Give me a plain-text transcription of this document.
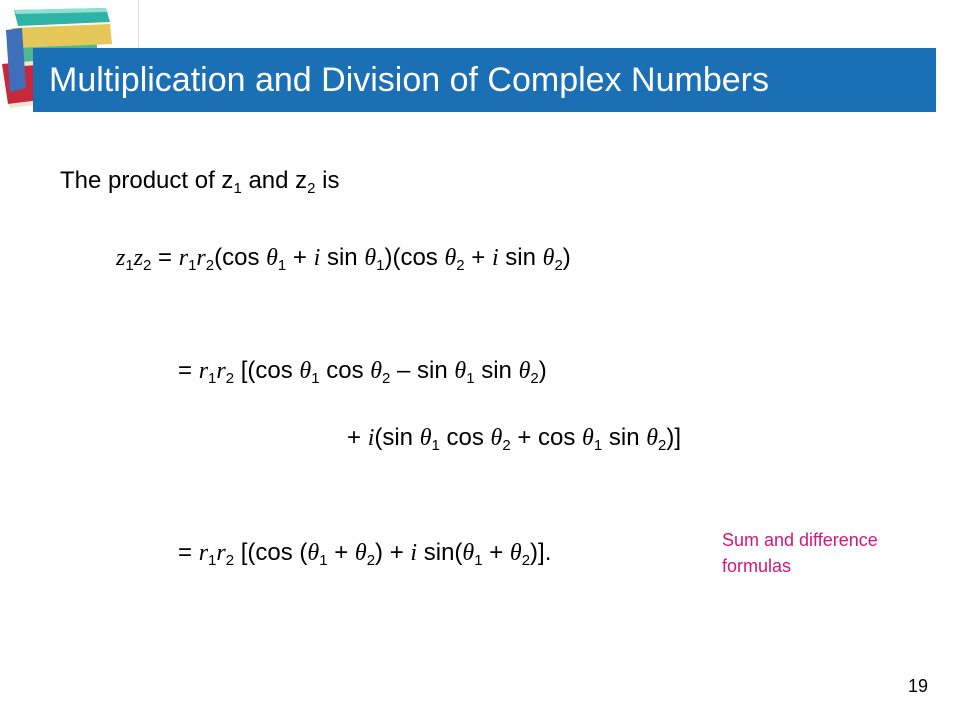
Multiplication and Division of Complex Numbers
The product of $z_1$ and $z_2$ is
$z_1z_2 = r_1r_2(\cos$ $\theta_1 + i$ $\sin \theta_1)(\cos$ $\theta_2 + i$ $\sin \theta_2$)
= $r_1r_2$ [(cos $\theta_1$ $\cos \theta_2$ – $\sin \theta_1$ $\sin \theta_2$)
+ i(sin $\theta_1$ $\cos \theta_2 + \cos \theta_1$ $\sin \theta_2$)]
= $r_1r_2$ [(cos $(\theta_1 + \theta_2) + i$ $\sin(\theta_1 + \theta_2)$].	Sum and difference
formulas
19
